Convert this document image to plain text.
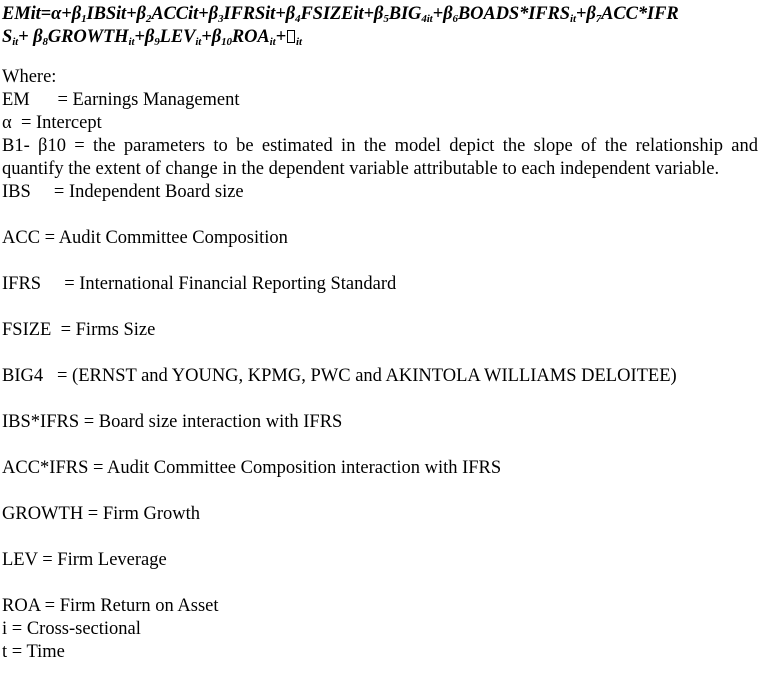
$EMit=\alpha+\beta_1IBSit+\beta_2ACCit+\beta_3IFRSit+\beta_4FSIZEit+\beta_5BIG_{4it}+\beta_6BOADS*IFRS_{it}+\beta_7ACC*IFR$
$S_{it}+$ $\beta_8GROWTH_{it}+\beta_9LEV_{it}+\beta_{10}ROA_{it}+ _{it}$
Where:
EM      = Earnings Management
α  = Intercept
B1- β10 = the parameters to be estimated in the model depict the slope of the relationship and quantify the extent of change in the dependent variable attributable to each independent variable.
IBS     = Independent Board size
ACC = Audit Committee Composition
IFRS     = International Financial Reporting Standard
FSIZE  = Firms Size
BIG4   = (ERNST and YOUNG, KPMG, PWC and AKINTOLA WILLIAMS DELOITEE)
IBS*IFRS = Board size interaction with IFRS
ACC*IFRS = Audit Committee Composition interaction with IFRS
GROWTH = Firm Growth
LEV = Firm Leverage
ROA = Firm Return on Asset
i = Cross-sectional
t = Time
